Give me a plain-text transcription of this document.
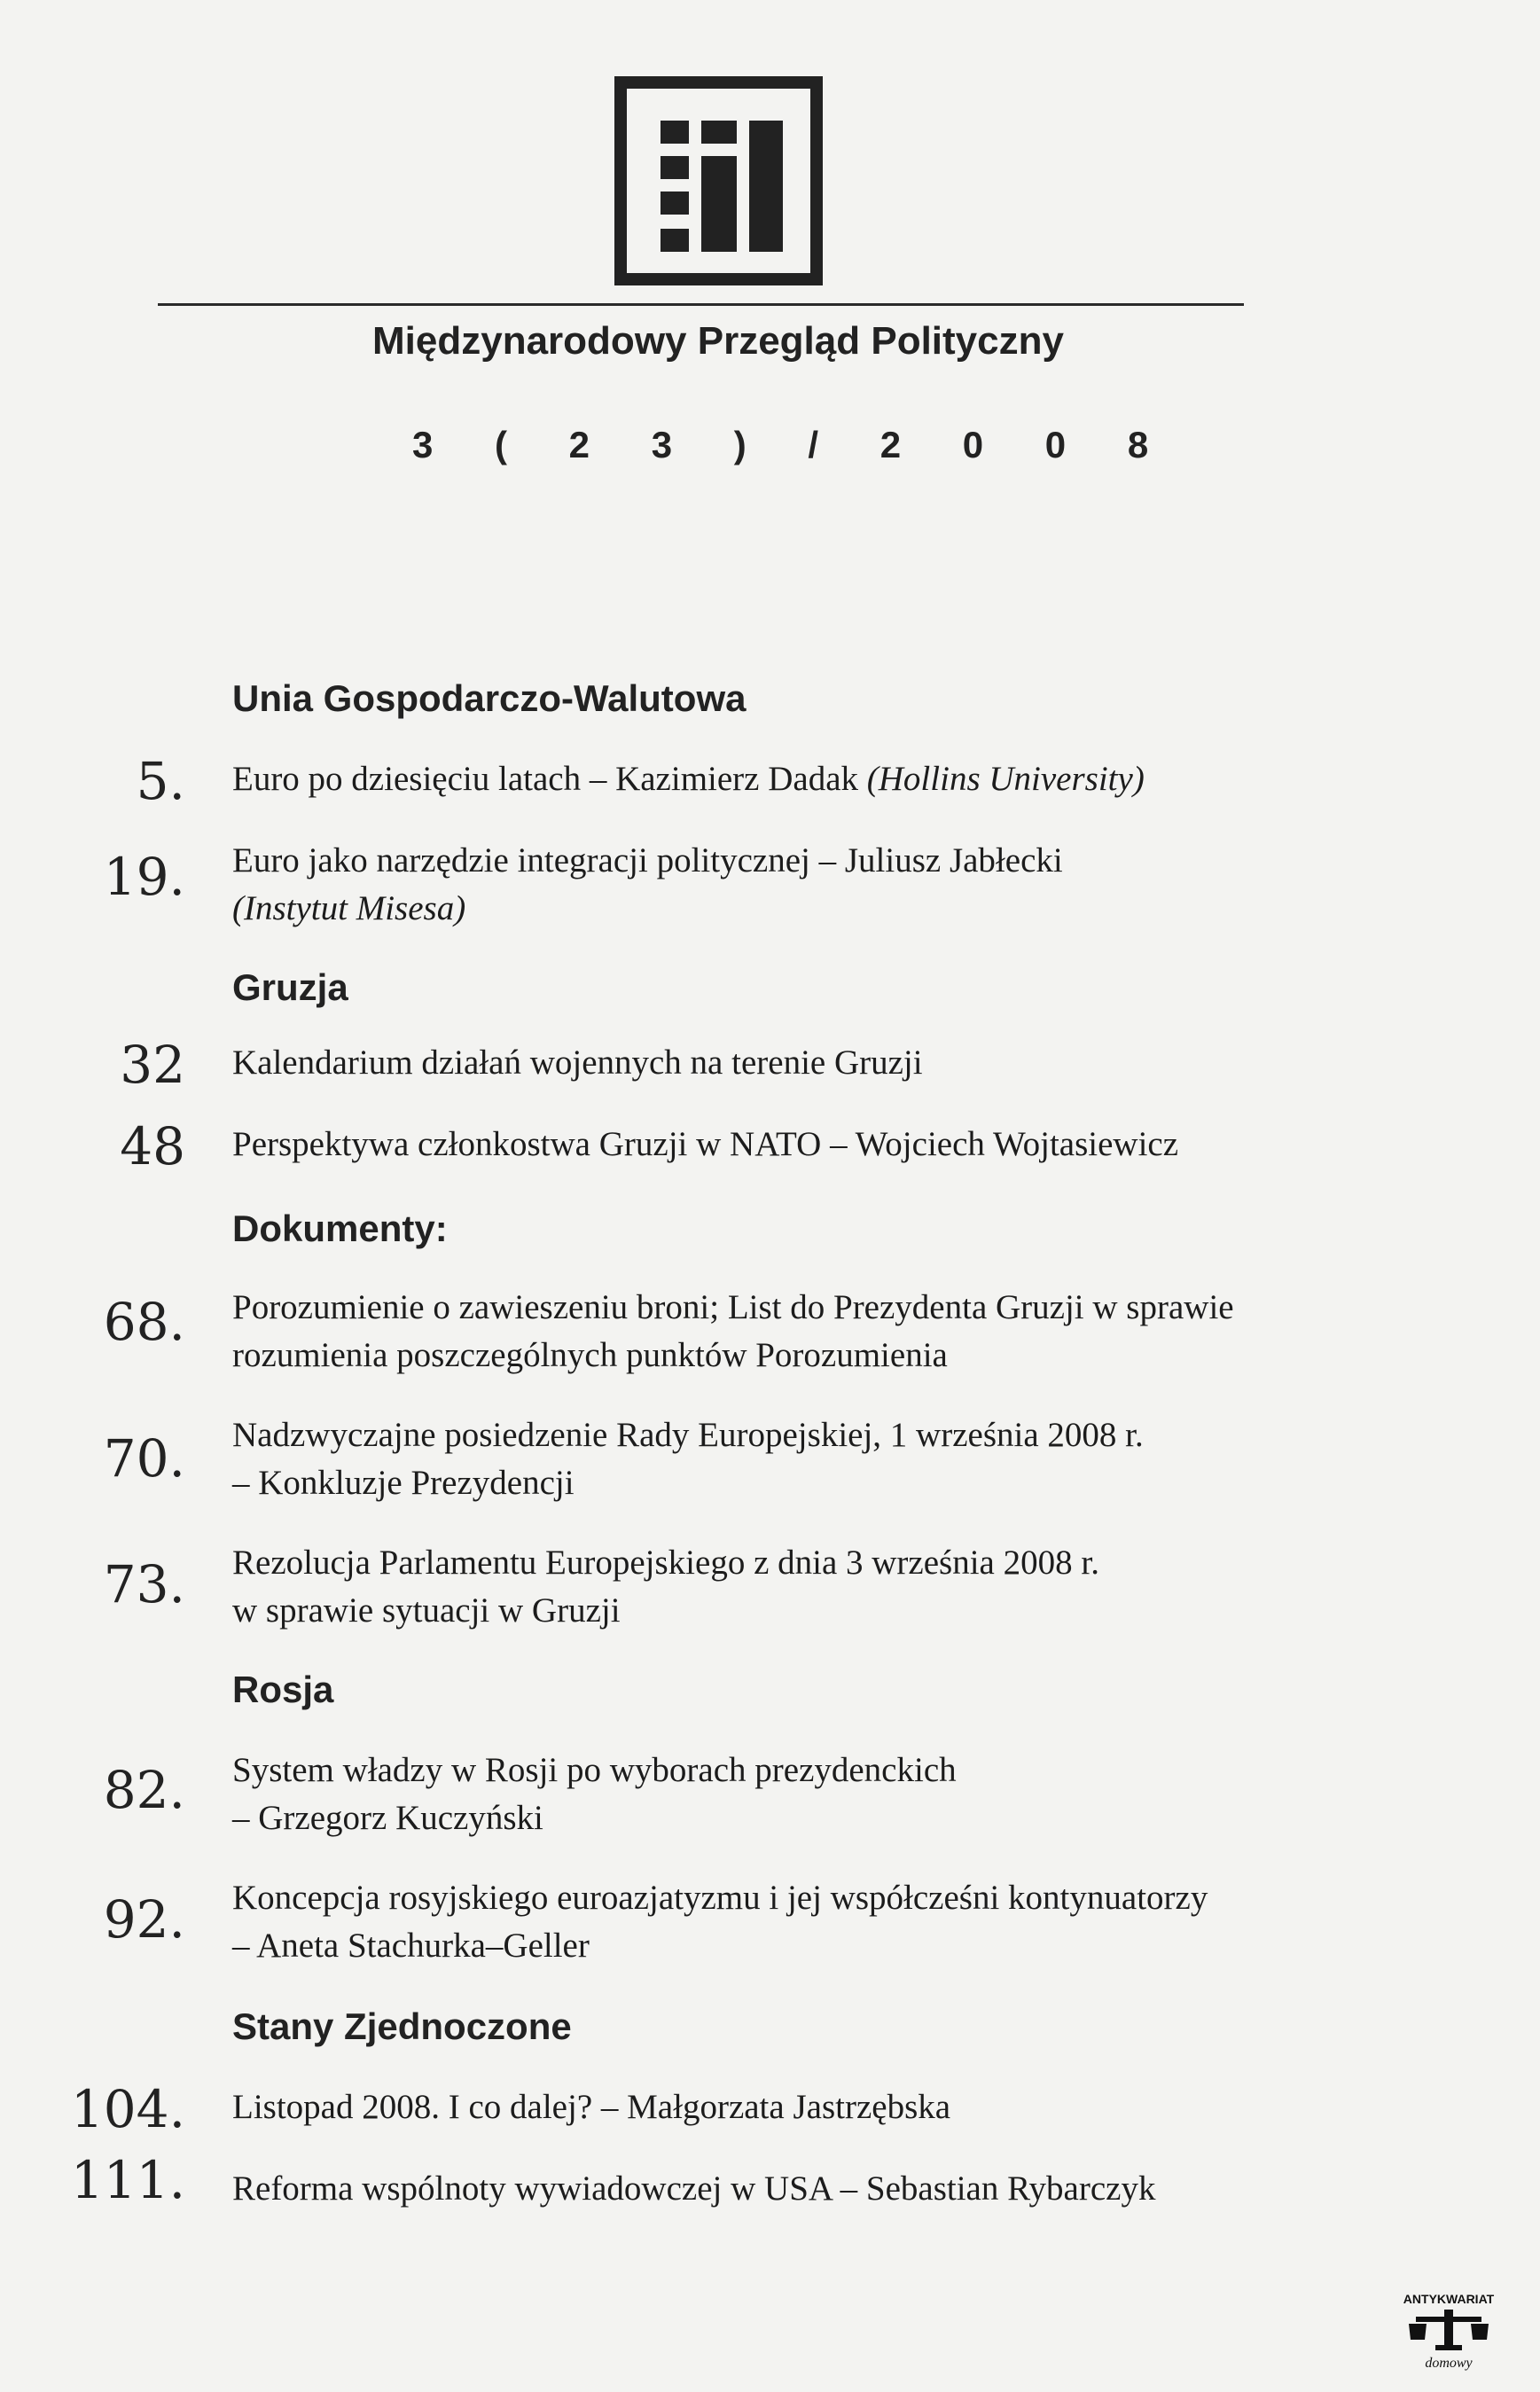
Międzynarodowy Przegląd Polityczny
3 ( 2 3 ) / 2 0 0 8
Unia Gospodarczo-Walutowa
5. Euro po dziesięciu latach – Kazimierz Dadak (Hollins University)
19. Euro jako narzędzie integracji politycznej – Juliusz Jabłecki
(Instytut Misesa)
Gruzja
32 Kalendarium działań wojennych na terenie Gruzji
48 Perspektywa członkostwa Gruzji w NATO – Wojciech Wojtasiewicz
Dokumenty:
68. Porozumienie o zawieszeniu broni; List do Prezydenta Gruzji w sprawie
rozumienia poszczególnych punktów Porozumienia
70. Nadzwyczajne posiedzenie Rady Europejskiej, 1 września 2008 r.
– Konkluzje Prezydencji
73. Rezolucja Parlamentu Europejskiego z dnia 3 września 2008 r.
w sprawie sytuacji w Gruzji
Rosja
82. System władzy w Rosji po wyborach prezydenckich
– Grzegorz Kuczyński
92. Koncepcja rosyjskiego euroazjatyzmu i jej współcześni kontynuatorzy
– Aneta Stachurka–Geller
Stany Zjednoczone
104. Listopad 2008. I co dalej? – Małgorzata Jastrzębska
111. Reforma wspólnoty wywiadowczej w USA – Sebastian Rybarczyk
ANTYKWARIAT
domowy
